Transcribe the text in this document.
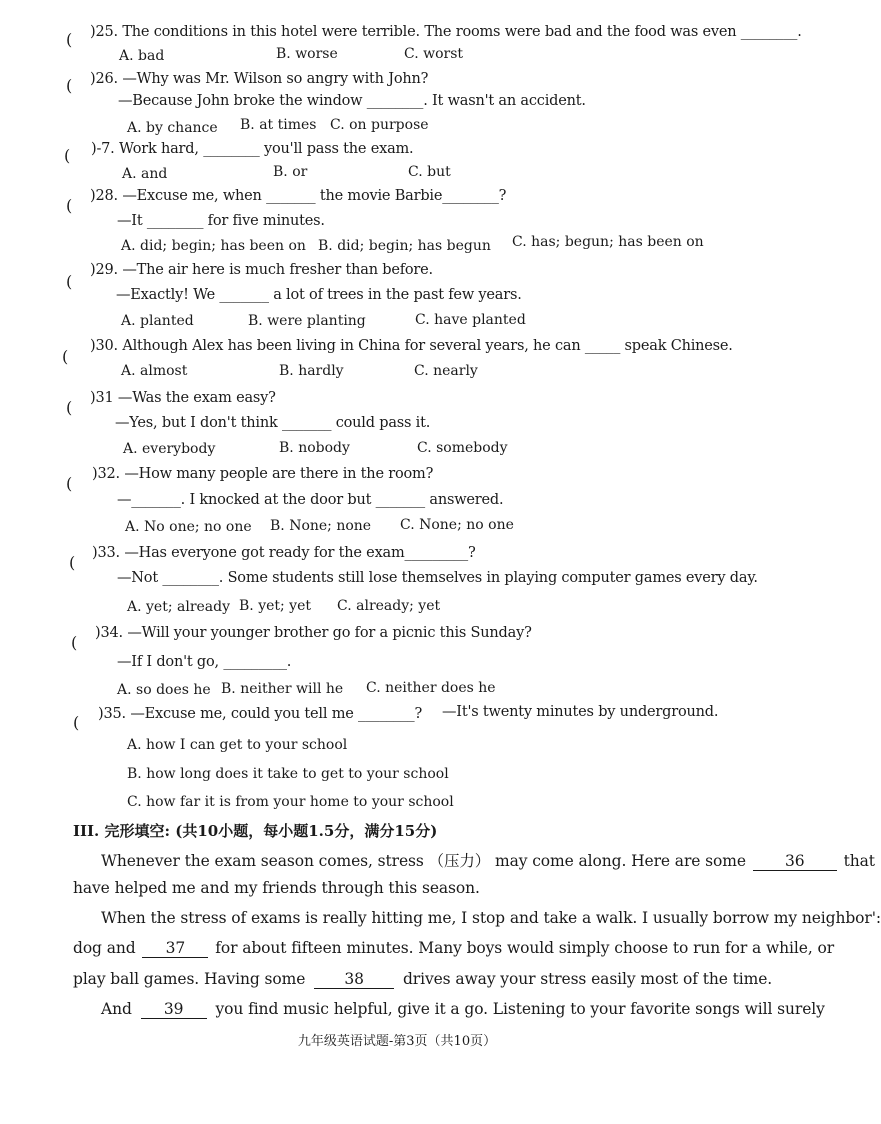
( )25. The conditions in this hotel were terrible. The rooms were bad and the food was even ________.
A. bad	B. worse	C. worst
( )26. —Why was Mr. Wilson so angry with John?
—Because John broke the window ________. It wasn't an accident.
A. by chance B. at times C. on purpose
( )-7. Work hard, ________ you'll pass the exam.
A. and	B. or	C. but
( )28. —Excuse me, when _______ the movie Barbie________?
—It ________ for five minutes.
A. did; begin; has been on B. did; begin; has begun C. has; begun; has been on
(
)29. —The air here is much fresher than before.
—Exactly! We _______ a lot of trees in the past few years.
A. planted	B. were planting	C. have planted
(
)30. Although Alex has been living in China for several years, he can _____ speak Chinese.
A. almost	B. hardly	C. nearly
( )31 —Was the exam easy?
—Yes, but I don't think _______ could pass it.
A. everybody	B. nobody	C. somebody
( )32. —How many people are there in the room?
—_______. I knocked at the door but _______ answered.
A. No one; no one B. None; none C. None; no one
( )33. —Has everyone got ready for the exam_________?
—Not ________. Some students still lose themselves in playing computer games every day.
A. yet; already B. yet; yet C. already; yet
( )34. —Will your younger brother go for a picnic this Sunday?
—If I don't go, _________.
A. so does he B. neither will he C. neither does he
( )35. —Excuse me, could you tell me ________? —It's twenty minutes by underground.
A. how I can get to your school
B. how long does it take to get to your school
C. how far it is from your home to your school
III. 完形填空: (共10小题，每小题1.5分，满分15分)
Whenever the exam season comes, stress （压力） may come along. Here are some	36	that
have helped me and my friends through this season.
When the stress of exams is really hitting me, I stop and take a walk. I usually borrow my neighbor':
dog and 37 for about fifteen minutes. Many boys would simply choose to run for a while, or
play ball games. Having some	38	drives away your stress easily most of the time.
And 39 you find music helpful, give it a go. Listening to your favorite songs will surely
九年级英语试题-第3页（共10页）
